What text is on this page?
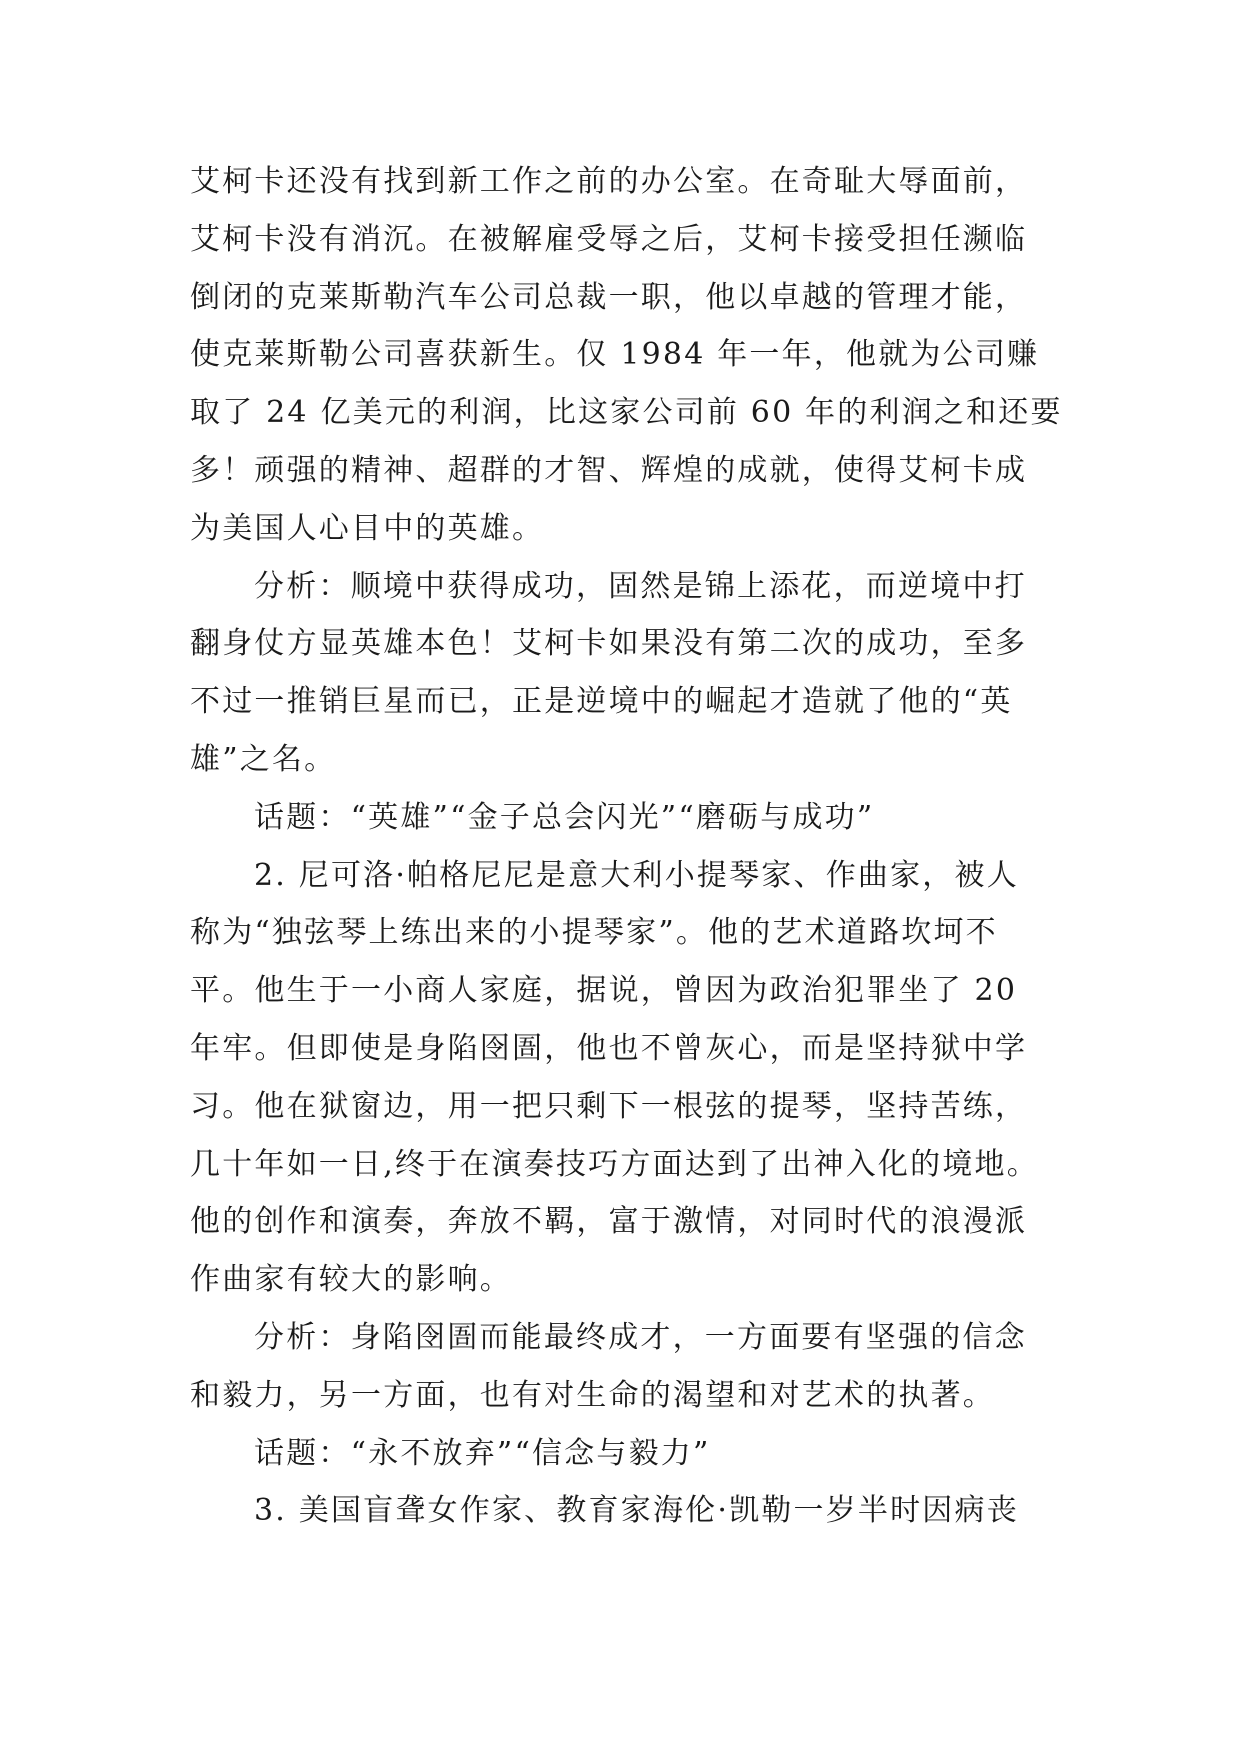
艾柯卡还没有找到新工作之前的办公室。在奇耻大辱面前，
艾柯卡没有消沉。在被解雇受辱之后，艾柯卡接受担任濒临
倒闭的克莱斯勒汽车公司总裁一职，他以卓越的管理才能，
使克莱斯勒公司喜获新生。仅 1984 年一年，他就为公司赚
取了 24 亿美元的利润，比这家公司前 60 年的利润之和还要
多！顽强的精神、超群的才智、辉煌的成就，使得艾柯卡成
为美国人心目中的英雄。
分析：顺境中获得成功，固然是锦上添花，而逆境中打
翻身仗方显英雄本色！艾柯卡如果没有第二次的成功，至多
不过一推销巨星而已，正是逆境中的崛起才造就了他的“英
雄”之名。
话题：“英雄”“金子总会闪光”“磨砺与成功”
2. 尼可洛·帕格尼尼是意大利小提琴家、作曲家，被人
称为“独弦琴上练出来的小提琴家”。他的艺术道路坎坷不
平。他生于一小商人家庭，据说，曾因为政治犯罪坐了 20
年牢。但即使是身陷囹圄，他也不曾灰心，而是坚持狱中学
习。他在狱窗边，用一把只剩下一根弦的提琴，坚持苦练，
几十年如一日,终于在演奏技巧方面达到了出神入化的境地。
他的创作和演奏，奔放不羁，富于激情，对同时代的浪漫派
作曲家有较大的影响。
分析：身陷囹圄而能最终成才，一方面要有坚强的信念
和毅力，另一方面，也有对生命的渴望和对艺术的执著。
话题：“永不放弃”“信念与毅力”
3. 美国盲聋女作家、教育家海伦·凯勒一岁半时因病丧
